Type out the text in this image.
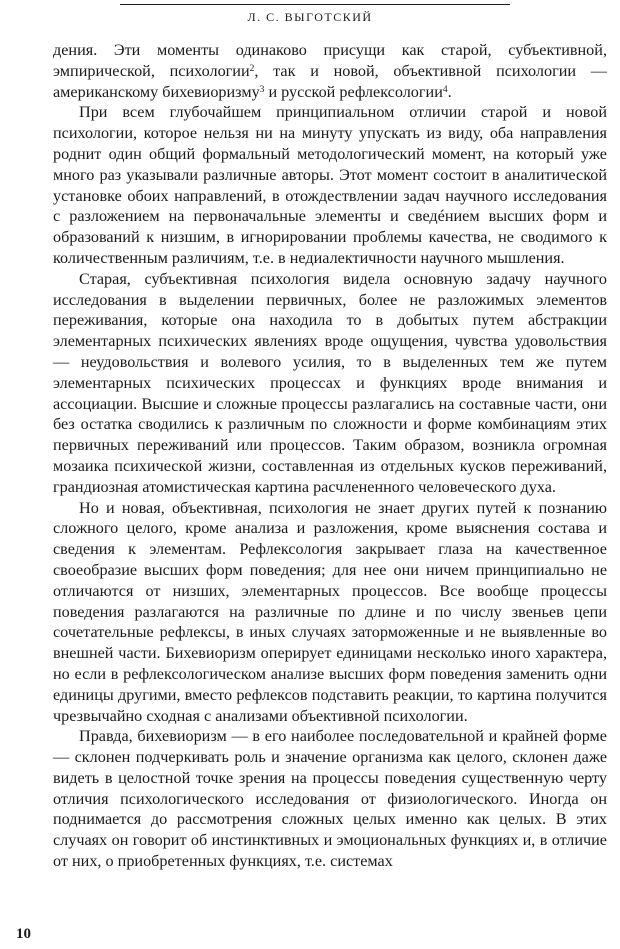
Л. С. ВЫГОТСКИЙ

дения. Эти моменты одинаково присущи как старой, субъективной, эмпирической, психологии$^2$, так и новой, объективной психологии — американскому бихевиоризму$^3$ и русской рефлексологии$^4$.

При всем глубочайшем принципиальном отличии старой и новой психологии, которое нельзя ни на минуту упускать из виду, оба направления роднит один общий формальный методологический момент, на который уже много раз указывали различные авторы. Этот момент состоит в аналитической установке обоих направлений, в отождествлении задач научного исследования с разложением на первоначальные элементы и сведéнием высших форм и образований к низшим, в игнорировании проблемы качества, не сводимого к количественным различиям, т.е. в недиалектичности научного мышления.

Старая, субъективная психология видела основную задачу научного исследования в выделении первичных, более не разложимых элементов переживания, которые она находила то в добытых путем абстракции элементарных психических явлениях вроде ощущения, чувства удовольствия — неудовольствия и волевого усилия, то в выделенных тем же путем элементарных психических процессах и функциях вроде внимания и ассоциации. Высшие и сложные процессы разлагались на составные части, они без остатка сводились к различным по сложности и форме комбинациям этих первичных переживаний или процессов. Таким образом, возникла огромная мозаика психической жизни, составленная из отдельных кусков переживаний, грандиозная атомистическая картина расчлененного человеческого духа.

Но и новая, объективная, психология не знает других путей к познанию сложного целого, кроме анализа и разложения, кроме выяснения состава и сведения к элементам. Рефлексология закрывает глаза на качественное своеобразие высших форм поведения; для нее они ничем принципиально не отличаются от низших, элементарных процессов. Все вообще процессы поведения разлагаются на различные по длине и по числу звеньев цепи сочетательные рефлексы, в иных случаях заторможенные и не выявленные во внешней части. Бихевиоризм оперирует единицами несколько иного характера, но если в рефлексологическом анализе высших форм поведения заменить одни единицы другими, вместо рефлексов подставить реакции, то картина получится чрезвычайно сходная с анализами объективной психологии.

Правда, бихевиоризм — в его наиболее последовательной и крайней форме — склонен подчеркивать роль и значение организма как целого, склонен даже видеть в целостной точке зрения на процессы поведения существенную черту отличия психологического исследования от физиологического. Иногда он поднимается до рассмотрения сложных целых именно как целых. В этих случаях он говорит об инстинктивных и эмоциональных функциях и, в отличие от них, о приобретенных функциях, т.е. системах

10
